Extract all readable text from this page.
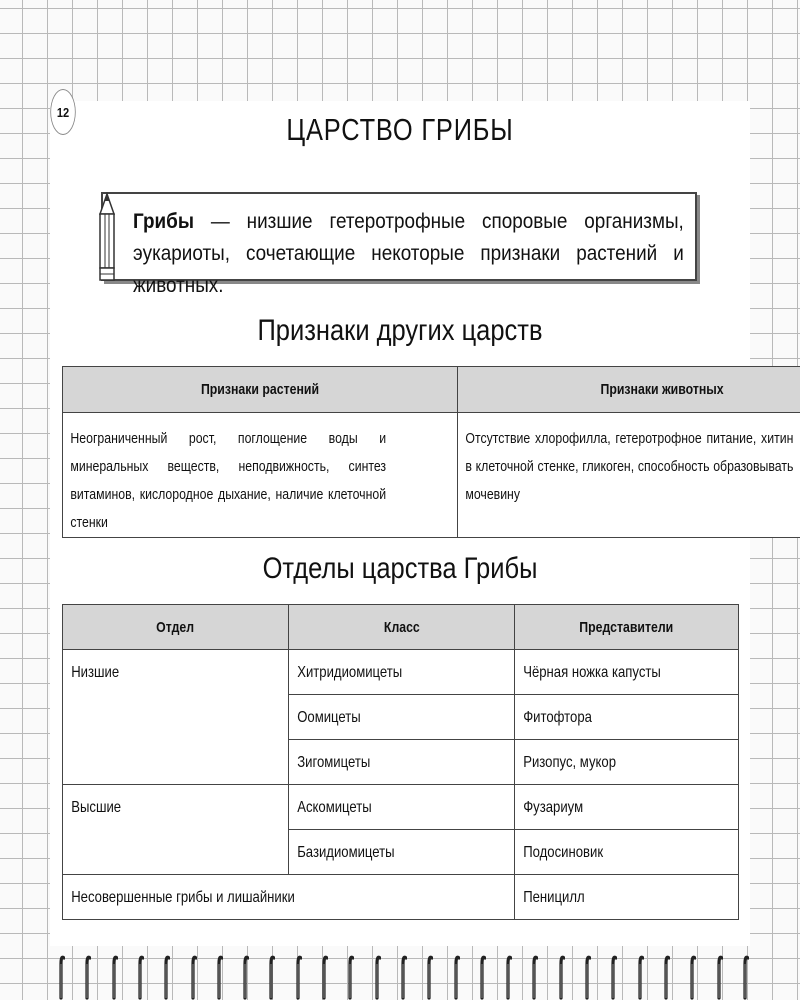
12	ЦАРСТВО ГРИБЫ
Грибы — низшие гетеротрофные споровые организмы, эукариоты, сочетающие некоторые признаки растений и животных.
Признаки других царств
Признаки растений	Признаки животных

Неограниченный рост, поглощение воды и минеральных веществ, неподвижность, синтез витаминов, кислородное дыхание, наличие клеточной стенки	Отсутствие хлорофилла, гетеротрофное питание, хитин в клеточной стенке, гликоген, способность образовывать мочевину
Отделы царства Грибы
Отдел	Класс	Представители
Низшие	Хитридиомицеты	Чёрная ножка капусты
	Оомицеты	Фитофтора
	Зигомицеты	Ризопус, мукор
Высшие	Аскомицеты	Фузариум
	Базидиомицеты	Подосиновик
Несовершенные грибы и лишайники		Пеницилл
